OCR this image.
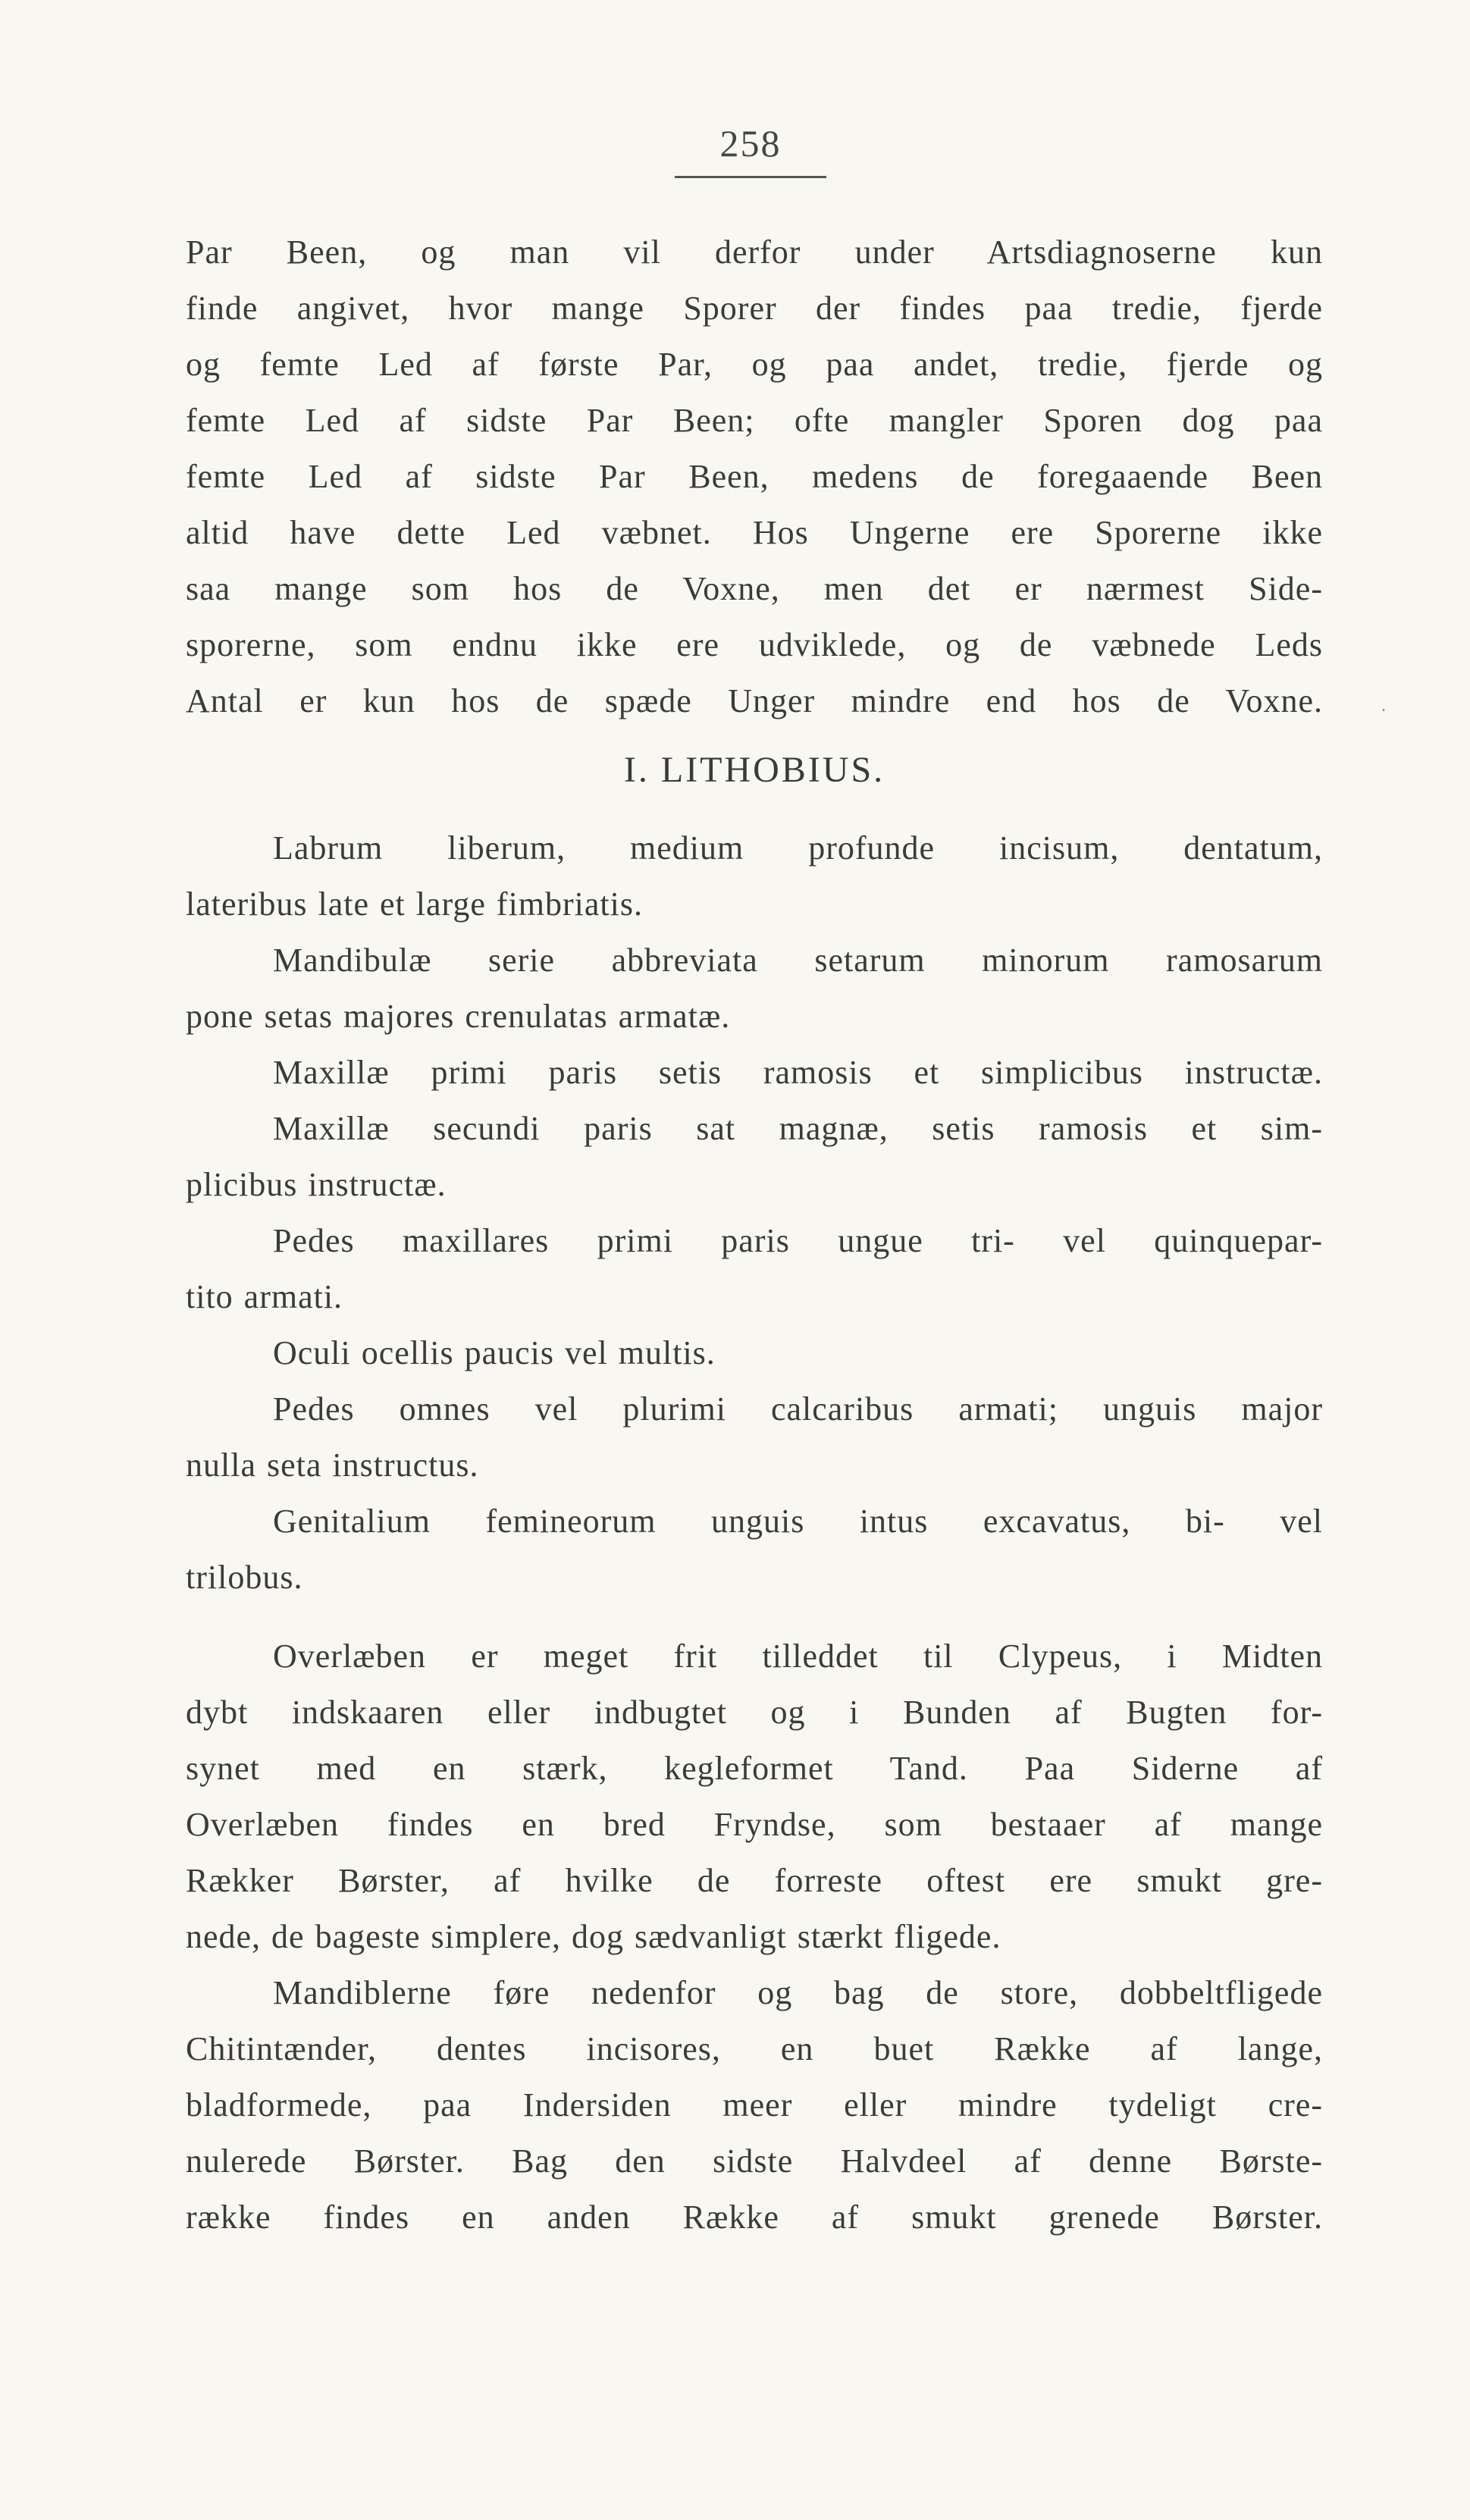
258
Par Been, og man vil derfor under Artsdiagnoserne kun
finde angivet, hvor mange Sporer der findes paa tredie, fjerde
og femte Led af første Par, og paa andet, tredie, fjerde og
femte Led af sidste Par Been; ofte mangler Sporen dog paa
femte Led af sidste Par Been, medens de foregaaende Been
altid have dette Led væbnet. Hos Ungerne ere Sporerne ikke
saa mange som hos de Voxne, men det er nærmest Side-
sporerne, som endnu ikke ere udviklede, og de væbnede Leds
Antal er kun hos de spæde Unger mindre end hos de Voxne.	.
I. LITHOBIUS.
Labrum liberum, medium profunde incisum, dentatum,
lateribus late et large fimbriatis.
Mandibulæ serie abbreviata setarum minorum ramosarum
pone setas majores crenulatas armatæ.
Maxillæ primi paris setis ramosis et simplicibus instructæ.
Maxillæ secundi paris sat magnæ, setis ramosis et sim-
plicibus instructæ.
Pedes maxillares primi paris ungue tri- vel quinquepar-
tito armati.
Oculi ocellis paucis vel multis.
Pedes omnes vel plurimi calcaribus armati; unguis major
nulla seta instructus.
Genitalium femineorum unguis intus excavatus, bi- vel
trilobus.
Overlæben er meget frit tilleddet til Clypeus, i Midten
dybt indskaaren eller indbugtet og i Bunden af Bugten for-
synet med en stærk, kegleformet Tand. Paa Siderne af
Overlæben findes en bred Fryndse, som bestaaer af mange
Rækker Børster, af hvilke de forreste oftest ere smukt gre-
nede, de bageste simplere, dog sædvanligt stærkt fligede.
Mandiblerne føre nedenfor og bag de store, dobbeltfligede
Chitintænder, dentes incisores, en buet Række af lange,
bladformede, paa Indersiden meer eller mindre tydeligt cre-
nulerede Børster. Bag den sidste Halvdeel af denne Børste-
række findes en anden Række af smukt grenede Børster.
